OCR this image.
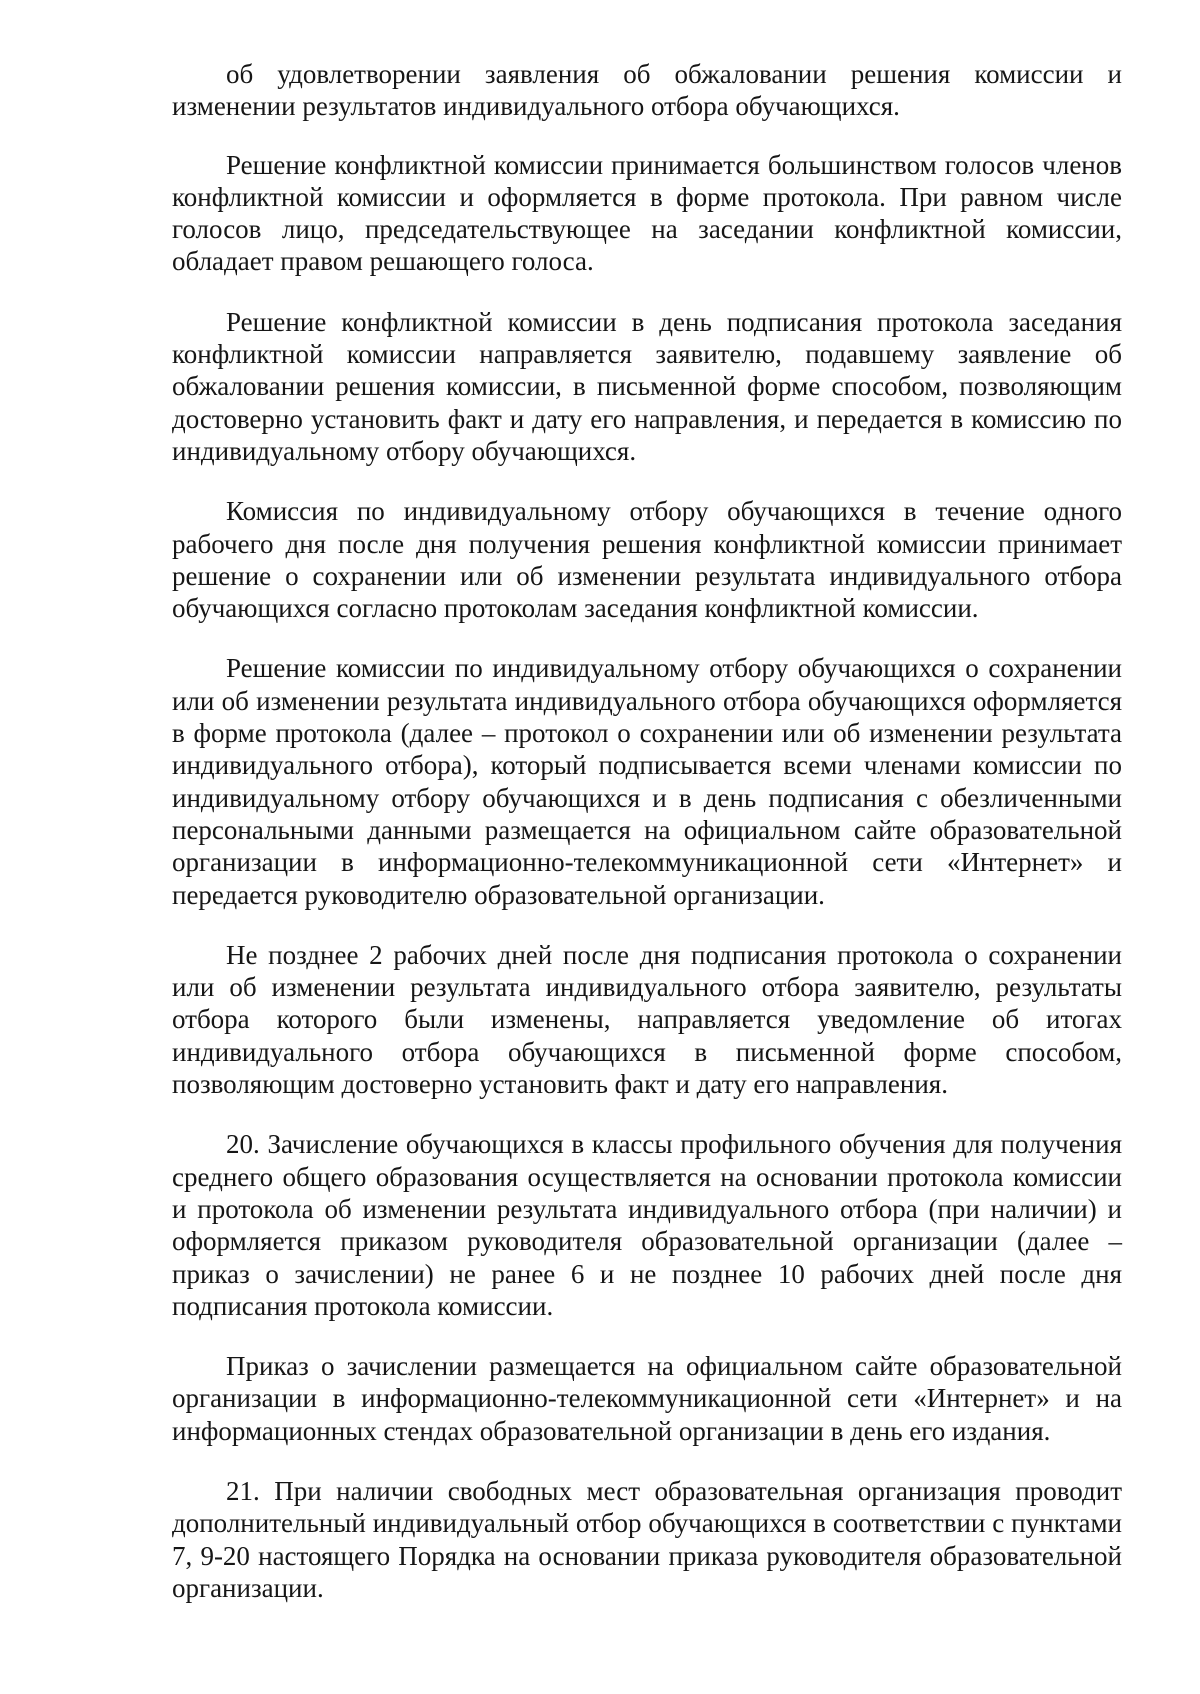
об удовлетворении заявления об обжаловании решения комиссии и изменении результатов индивидуального отбора обучающихся.

Решение конфликтной комиссии принимается большинством голосов членов конфликтной комиссии и оформляется в форме протокола. При равном числе голосов лицо, председательствующее на заседании конфликтной комиссии, обладает правом решающего голоса.

Решение конфликтной комиссии в день подписания протокола заседания конфликтной комиссии направляется заявителю, подавшему заявление об обжаловании решения комиссии, в письменной форме способом, позволяющим достоверно установить факт и дату его направления, и передается в комиссию по индивидуальному отбору обучающихся.

Комиссия по индивидуальному отбору обучающихся в течение одного рабочего дня после дня получения решения конфликтной комиссии принимает решение о сохранении или об изменении результата индивидуального отбора обучающихся согласно протоколам заседания конфликтной комиссии.

Решение комиссии по индивидуальному отбору обучающихся о сохранении или об изменении результата индивидуального отбора обучающихся оформляется в форме протокола (далее – протокол о сохранении или об изменении результата индивидуального отбора), который подписывается всеми членами комиссии по индивидуальному отбору обучающихся и в день подписания с обезличенными персональными данными размещается на официальном сайте образовательной организации в информационно-телекоммуникационной сети «Интернет» и передается руководителю образовательной организации.

Не позднее 2 рабочих дней после дня подписания протокола о сохранении или об изменении результата индивидуального отбора заявителю, результаты отбора которого были изменены, направляется уведомление об итогах индивидуального отбора обучающихся в письменной форме способом, позволяющим достоверно установить факт и дату его направления.

20. Зачисление обучающихся в классы профильного обучения для получения среднего общего образования осуществляется на основании протокола комиссии и протокола об изменении результата индивидуального отбора (при наличии) и оформляется приказом руководителя образовательной организации (далее – приказ о зачислении) не ранее 6 и не позднее 10 рабочих дней после дня подписания протокола комиссии.

Приказ о зачислении размещается на официальном сайте образовательной организации в информационно-телекоммуникационной сети «Интернет» и на информационных стендах образовательной организации в день его издания.

21. При наличии свободных мест образовательная организация проводит дополнительный индивидуальный отбор обучающихся в соответствии с пунктами 7, 9-20 настоящего Порядка на основании приказа руководителя образовательной организации.
